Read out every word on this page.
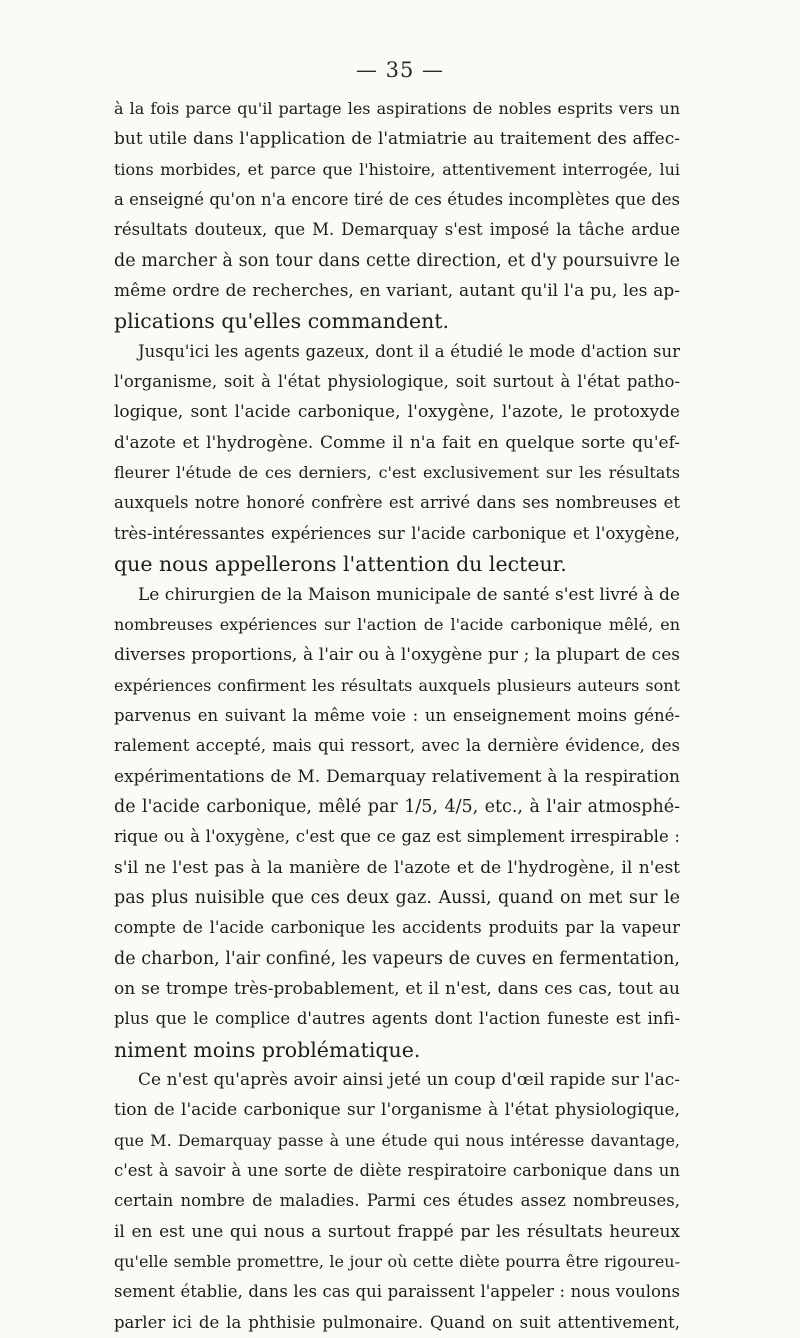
— 35 —
à la fois parce qu'il partage les aspirations de nobles esprits vers un
but utile dans l'application de l'atmiatrie au traitement des affec-
tions morbides, et parce que l'histoire, attentivement interrogée, lui
a enseigné qu'on n'a encore tiré de ces études incomplètes que des
résultats douteux, que M. Demarquay s'est imposé la tâche ardue
de marcher à son tour dans cette direction, et d'y poursuivre le
même ordre de recherches, en variant, autant qu'il l'a pu, les ap-
plications qu'elles commandent.
Jusqu'ici les agents gazeux, dont il a étudié le mode d'action sur
l'organisme, soit à l'état physiologique, soit surtout à l'état patho-
logique, sont l'acide carbonique, l'oxygène, l'azote, le protoxyde
d'azote et l'hydrogène. Comme il n'a fait en quelque sorte qu'ef-
fleurer l'étude de ces derniers, c'est exclusivement sur les résultats
auxquels notre honoré confrère est arrivé dans ses nombreuses et
très-intéressantes expériences sur l'acide carbonique et l'oxygène,
que nous appellerons l'attention du lecteur.
Le chirurgien de la Maison municipale de santé s'est livré à de
nombreuses expériences sur l'action de l'acide carbonique mêlé, en
diverses proportions, à l'air ou à l'oxygène pur ; la plupart de ces
expériences confirment les résultats auxquels plusieurs auteurs sont
parvenus en suivant la même voie : un enseignement moins géné-
ralement accepté, mais qui ressort, avec la dernière évidence, des
expérimentations de M. Demarquay relativement à la respiration
de l'acide carbonique, mêlé par 1/5, 4/5, etc., à l'air atmosphé-
rique ou à l'oxygène, c'est que ce gaz est simplement irrespirable :
s'il ne l'est pas à la manière de l'azote et de l'hydrogène, il n'est
pas plus nuisible que ces deux gaz. Aussi, quand on met sur le
compte de l'acide carbonique les accidents produits par la vapeur
de charbon, l'air confiné, les vapeurs de cuves en fermentation,
on se trompe très-probablement, et il n'est, dans ces cas, tout au
plus que le complice d'autres agents dont l'action funeste est infi-
niment moins problématique.
Ce n'est qu'après avoir ainsi jeté un coup d'œil rapide sur l'ac-
tion de l'acide carbonique sur l'organisme à l'état physiologique,
que M. Demarquay passe à une étude qui nous intéresse davantage,
c'est à savoir à une sorte de diète respiratoire carbonique dans un
certain nombre de maladies. Parmi ces études assez nombreuses,
il en est une qui nous a surtout frappé par les résultats heureux
qu'elle semble promettre, le jour où cette diète pourra être rigoureu-
sement établie, dans les cas qui paraissent l'appeler : nous voulons
parler ici de la phthisie pulmonaire. Quand on suit attentivement,
